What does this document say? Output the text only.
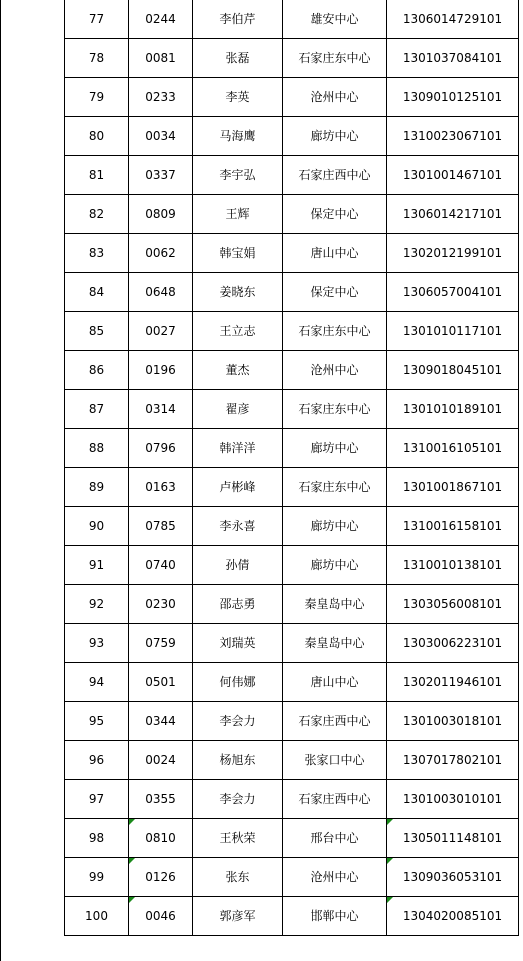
77	0244	李伯芹	雄安中心	1306014729101
78	0081	张磊	石家庄东中心	1301037084101
79	0233	李英	沧州中心	1309010125101
80	0034	马海鹰	廊坊中心	1310023067101
81	0337	李宇弘	石家庄西中心	1301001467101
82	0809	王辉	保定中心	1306014217101
83	0062	韩宝娟	唐山中心	1302012199101
84	0648	姜晓东	保定中心	1306057004101
85	0027	王立志	石家庄东中心	1301010117101
86	0196	董杰	沧州中心	1309018045101
87	0314	翟彦	石家庄东中心	1301010189101
88	0796	韩洋洋	廊坊中心	1310016105101
89	0163	卢彬峰	石家庄东中心	1301001867101
90	0785	李永喜	廊坊中心	1310016158101
91	0740	孙倩	廊坊中心	1310010138101
92	0230	邵志勇	秦皇岛中心	1303056008101
93	0759	刘瑞英	秦皇岛中心	1303006223101
94	0501	何伟娜	唐山中心	1302011946101
95	0344	李会力	石家庄西中心	1301003018101
96	0024	杨旭东	张家口中心	1307017802101
97	0355	李会力	石家庄西中心	1301003010101
98	0810	王秋荣	邢台中心	1305011148101

99	0126	张东	沧州中心	1309036053101

100	0046	郭彦军	邯郸中心	1304020085101
